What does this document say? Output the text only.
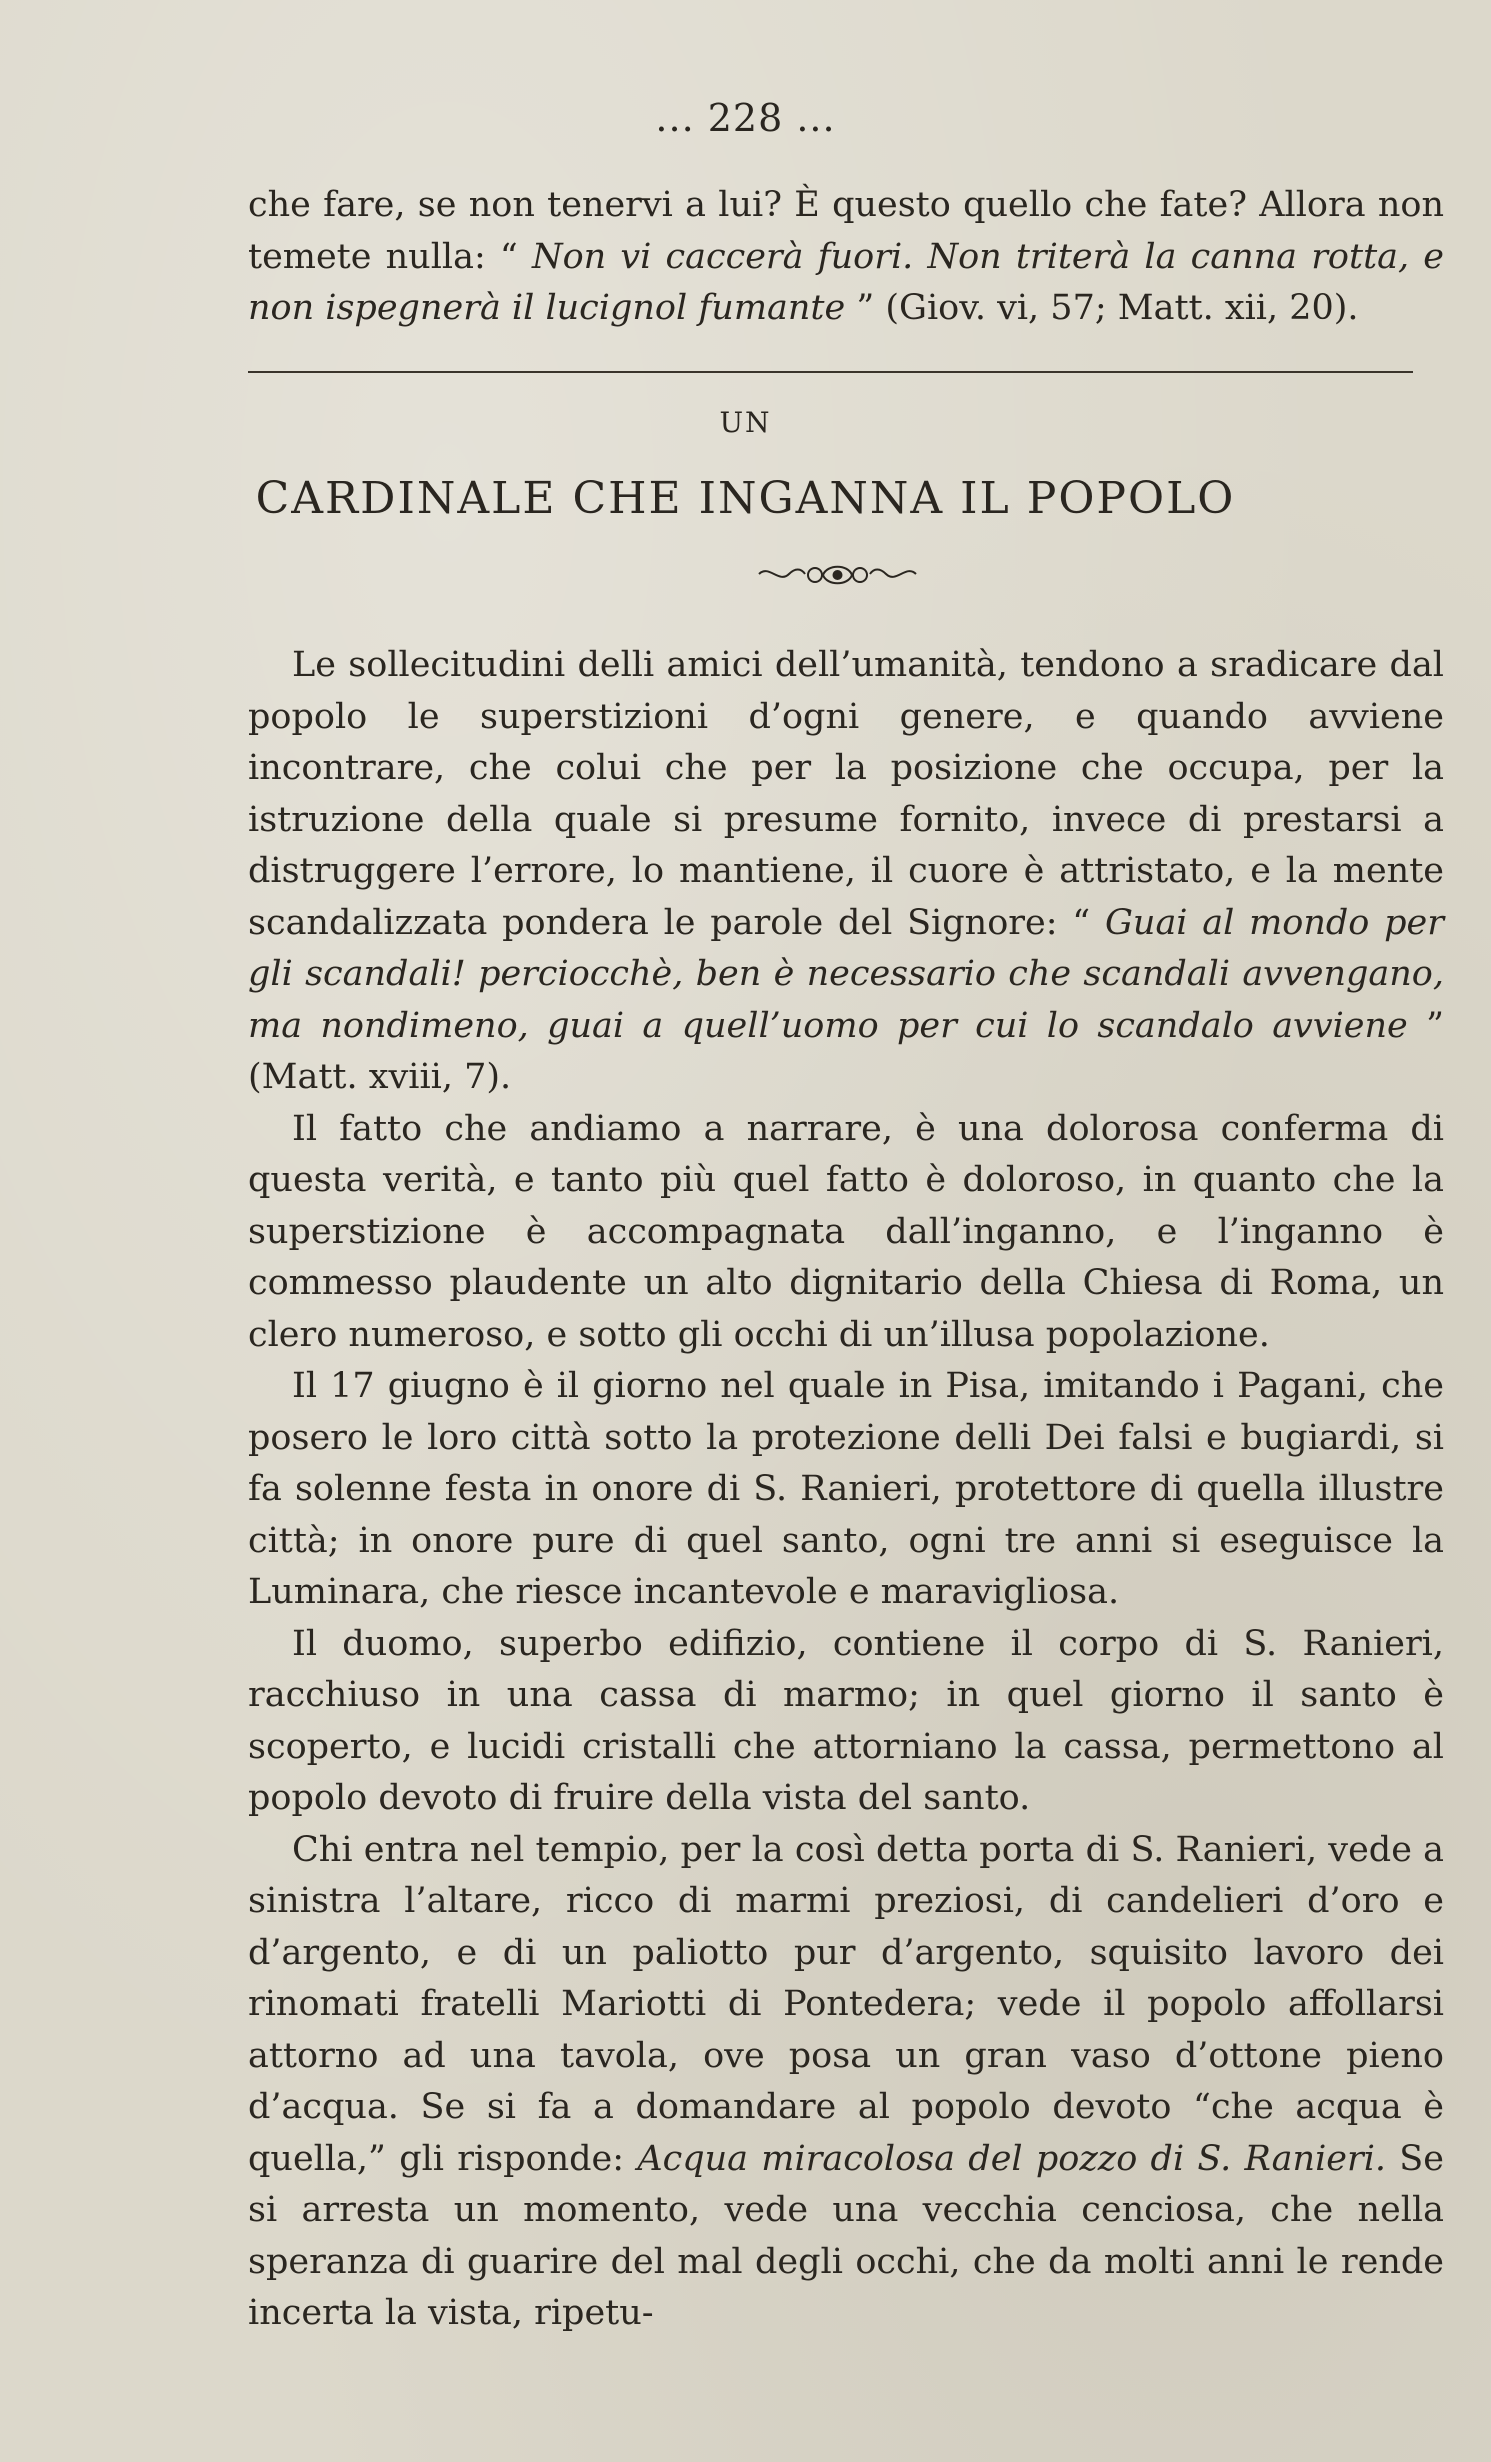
... 228 ...

che fare, se non tenervi a lui? È questo quello che fate? Allora non temete nulla: “ Non vi caccerà fuori. Non triterà la canna rotta, e non ispegnerà il lucignol fumante ” (Giov. vi, 57; Matt. xii, 20).

UN
CARDINALE CHE INGANNA IL POPOLO

Le sollecitudini delli amici dell’umanità, tendono a sradicare dal popolo le superstizioni d’ogni genere, e quando avviene incontrare, che colui che per la posizione che occupa, per la istruzione della quale si presume fornito, invece di prestarsi a distruggere l’errore, lo mantiene, il cuore è attristato, e la mente scandalizzata pondera le parole del Signore: “ Guai al mondo per gli scandali! perciocchè, ben è necessario che scandali avvengano, ma nondimeno, guai a quell’uomo per cui lo scandalo avviene ” (Matt. xviii, 7).

Il fatto che andiamo a narrare, è una dolorosa conferma di questa verità, e tanto più quel fatto è doloroso, in quanto che la superstizione è accompagnata dall’inganno, e l’inganno è commesso plaudente un alto dignitario della Chiesa di Roma, un clero numeroso, e sotto gli occhi di un’illusa popolazione.

Il 17 giugno è il giorno nel quale in Pisa, imitando i Pagani, che posero le loro città sotto la protezione delli Dei falsi e bugiardi, si fa solenne festa in onore di S. Ranieri, protettore di quella illustre città; in onore pure di quel santo, ogni tre anni si eseguisce la Luminara, che riesce incantevole e maravigliosa.

Il duomo, superbo edifizio, contiene il corpo di S. Ranieri, racchiuso in una cassa di marmo; in quel giorno il santo è scoperto, e lucidi cristalli che attorniano la cassa, permettono al popolo devoto di fruire della vista del santo.

Chi entra nel tempio, per la così detta porta di S. Ranieri, vede a sinistra l’altare, ricco di marmi preziosi, di candelieri d’oro e d’argento, e di un paliotto pur d’argento, squisito lavoro dei rinomati fratelli Mariotti di Pontedera; vede il popolo affollarsi attorno ad una tavola, ove posa un gran vaso d’ottone pieno d’acqua. Se si fa a domandare al popolo devoto “che acqua è quella,” gli risponde: Acqua miracolosa del pozzo di S. Ranieri. Se si arresta un momento, vede una vecchia cenciosa, che nella speranza di guarire del mal degli occhi, che da molti anni le rende incerta la vista, ripetu-
